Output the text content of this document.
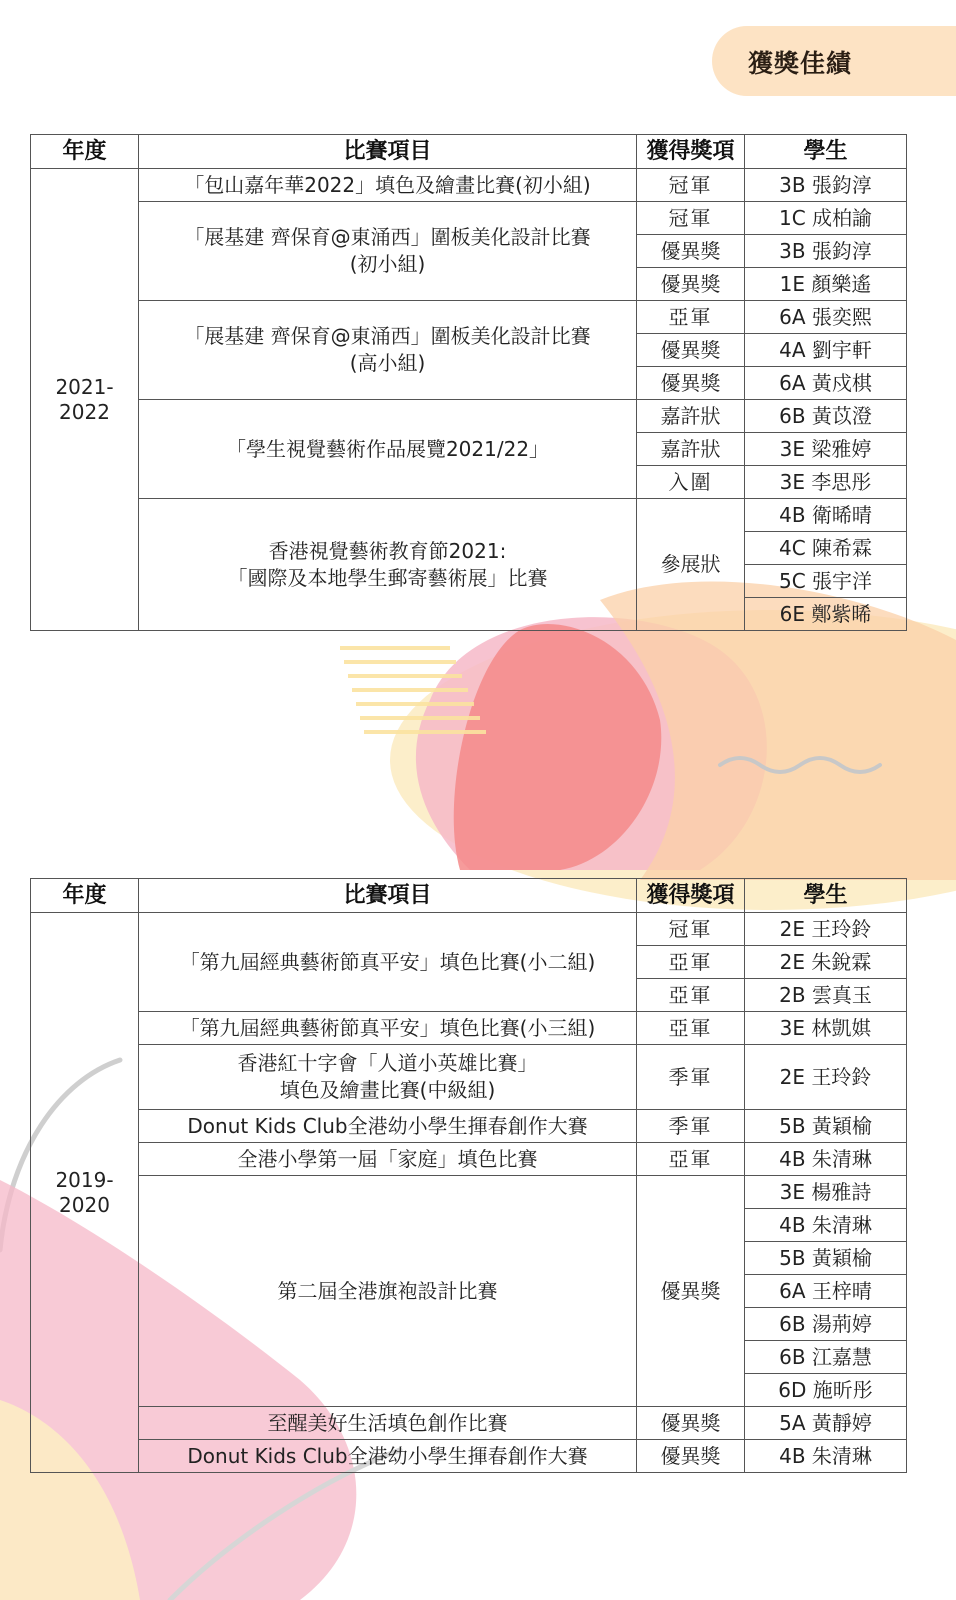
獲獎佳績
年度	比賽項目	獲得獎項	學生

2021-
2022	「包山嘉年華2022」填色及繪畫比賽(初小組)	冠軍	3B 張鈞淳

	「展基建 齊保育@東涌西」圍板美化設計比賽
(初小組)	冠軍	1C 成柏諭
		優異獎	3B 張鈞淳
		優異獎	1E 顏樂遙

	「展基建 齊保育@東涌西」圍板美化設計比賽
(高小組)	亞軍	6A 張奕熙
		優異獎	4A 劉宇軒
		優異獎	6A 黃戍棋

	「學生視覺藝術作品展覽2021/22」	嘉許狀	6B 黃苡澄
		嘉許狀	3E 梁雅婷
		入圍	3E 李思彤

	香港視覺藝術教育節2021:
「國際及本地學生郵寄藝術展」比賽	參展狀	4B 衛晞晴
			4C 陳希霖
			5C 張宇洋
			6E 鄭紫晞
年度	比賽項目	獲得獎項	學生

2019-
2020	「第九屆經典藝術節真平安」填色比賽(小二組)	冠軍	2E 王玲鈴
		亞軍	2E 朱銳霖
		亞軍	2B 雲真玉

	「第九屆經典藝術節真平安」填色比賽(小三組)	亞軍	3E 林凱娸

	香港紅十字會「人道小英雄比賽」
填色及繪畫比賽(中級組)	季軍	2E 王玲鈴

	Donut Kids Club全港幼小學生揮春創作大賽	季軍	5B 黃穎榆

	全港小學第一屆「家庭」填色比賽	亞軍	4B 朱清琳

	第二屆全港旗袍設計比賽	優異獎	3E 楊雅詩
			4B 朱清琳
			5B 黃穎榆
			6A 王梓晴
			6B 湯荊婷
			6B 江嘉慧
			6D 施昕彤

	至醒美好生活填色創作比賽	優異獎	5A 黃靜婷

	Donut Kids Club全港幼小學生揮春創作大賽	優異獎	4B 朱清琳
